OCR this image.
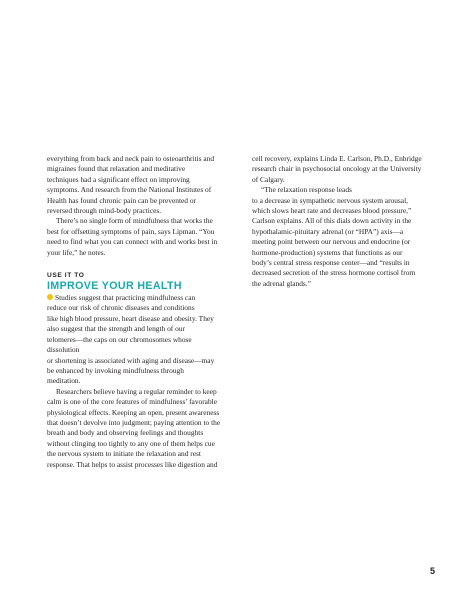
everything from back and neck pain to osteoarthritis and
migraines found that relaxation and meditative
techniques had a significant effect on improving
symptoms. And research from the National Institutes of
Health has found chronic pain can be prevented or
reversed through mind-body practices.

There’s no single form of mindfulness that works the
best for offsetting symptoms of pain, says Lipman. “You
need to find what you can connect with and works best in
your life,” he notes.

USE IT TO
IMPROVE YOUR HEALTH

Studies suggest that practicing mindfulness can
reduce our risk of chronic diseases and conditions
like high blood pressure, heart disease and obesity. They
also suggest that the strength and length of our
telomeres—the caps on our chromosomes whose
dissolution
or shortening is associated with aging and disease—may
be enhanced by invoking mindfulness through
meditation.

Researchers believe having a regular reminder to keep
calm is one of the core features of mindfulness’ favorable
physiological effects. Keeping an open, present awareness
that doesn’t devolve into judgment; paying attention to the
breath and body and observing feelings and thoughts
without clinging too tightly to any one of them helps cue
the nervous system to initiate the relaxation and rest
response. That helps to assist processes like digestion and

cell recovery, explains Linda E. Carlson, Ph.D., Enbridge
research chair in psychosocial oncology at the University
of Calgary.

“The relaxation response leads
to a decrease in sympathetic nervous system arousal,
which slows heart rate and decreases blood pressure,”
Carlson explains. All of this dials down activity in the
hypothalamic-pituitary adrenal (or “HPA”) axis—a
meeting point between our nervous and endocrine (or
hormone-production) systems that functions as our
body’s central stress response center—and “results in
decreased secretion of the stress hormone cortisol from
the adrenal glands.”

5
